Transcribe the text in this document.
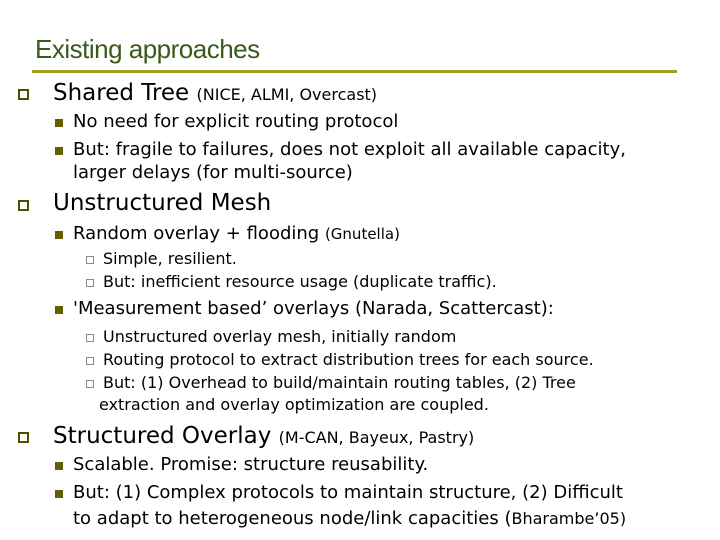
Existing approaches
Shared Tree (NICE, ALMI, Overcast)
No need for explicit routing protocol
But: fragile to failures, does not exploit all available capacity,
larger delays (for multi-source)
Unstructured Mesh
Random overlay + flooding (Gnutella)
Simple, resilient.
But: inefficient resource usage (duplicate traffic).
'Measurement based’ overlays (Narada, Scattercast):
Unstructured overlay mesh, initially random
Routing protocol to extract distribution trees for each source.
But: (1) Overhead to build/maintain routing tables, (2) Tree
extraction and overlay optimization are coupled.
Structured Overlay (M-CAN, Bayeux, Pastry)
Scalable. Promise: structure reusability.
But: (1) Complex protocols to maintain structure, (2) Difficult
to adapt to heterogeneous node/link capacities (Bharambe’05)
